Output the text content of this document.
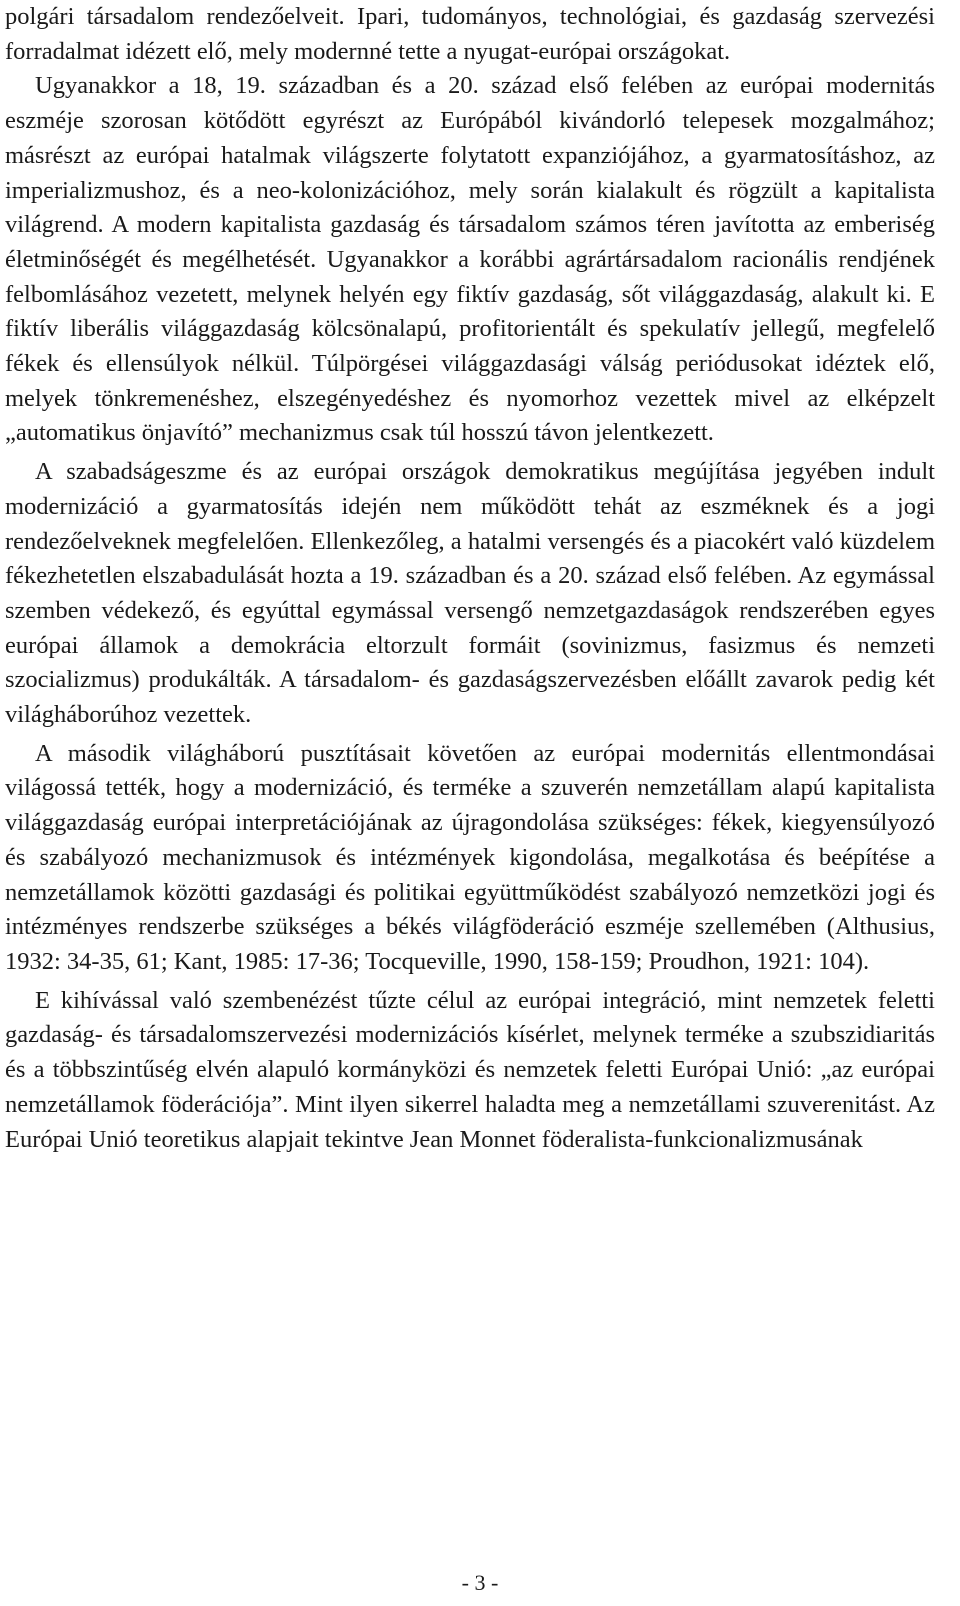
polgári társadalom rendezőelveit. Ipari, tudományos, technológiai, és gazdaság szervezési forradalmat idézett elő, mely modernné tette a nyugat-európai országokat.

Ugyanakkor a 18, 19. században és a 20. század első felében az európai modernitás eszméje szorosan kötődött egyrészt az Európából kivándorló telepesek mozgalmához; másrészt az európai hatalmak világszerte folytatott expanziójához, a gyarmatosításhoz, az imperializmushoz, és a neo-kolonizációhoz, mely során kialakult és rögzült a kapitalista világrend. A modern kapitalista gazdaság és társadalom számos téren javította az emberiség életminőségét és megélhetését. Ugyanakkor a korábbi agrártársadalom racionális rendjének felbomlásához vezetett, melynek helyén egy fiktív gazdaság, sőt világgazdaság, alakult ki. E fiktív liberális világgazdaság kölcsönalapú, profitorientált és spekulatív jellegű, megfelelő fékek és ellensúlyok nélkül. Túlpörgései világgazdasági válság periódusokat idéztek elő, melyek tönkremenéshez, elszegényedéshez és nyomorhoz vezettek mivel az elképzelt „automatikus önjavító” mechanizmus csak túl hosszú távon jelentkezett.

A szabadságeszme és az európai országok demokratikus megújítása jegyében indult modernizáció a gyarmatosítás idején nem működött tehát az eszméknek és a jogi rendezőelveknek megfelelően. Ellenkezőleg, a hatalmi versengés és a piacokért való küzdelem fékezhetetlen elszabadulását hozta a 19. században és a 20. század első felében. Az egymással szemben védekező, és egyúttal egymással versengő nemzetgazdaságok rendszerében egyes európai államok a demokrácia eltorzult formáit (sovinizmus, fasizmus és nemzeti szocializmus) produkálták. A társadalom- és gazdaságszervezésben előállt zavarok pedig két világháborúhoz vezettek.

A második világháború pusztításait követően az európai modernitás ellentmondásai világossá tették, hogy a modernizáció, és terméke a szuverén nemzetállam alapú kapitalista világgazdaság európai interpretációjának az újragondolása szükséges: fékek, kiegyensúlyozó és szabályozó mechanizmusok és intézmények kigondolása, megalkotása és beépítése a nemzetállamok közötti gazdasági és politikai együttműködést szabályozó nemzetközi jogi és intézményes rendszerbe szükséges a békés világföderáció eszméje szellemében (Althusius, 1932: 34-35, 61; Kant, 1985: 17-36; Tocqueville, 1990, 158-159; Proudhon, 1921: 104).

E kihívással való szembenézést tűzte célul az európai integráció, mint nemzetek feletti gazdaság- és társadalomszervezési modernizációs kísérlet, melynek terméke a szubszidiaritás és a többszintűség elvén alapuló kormányközi és nemzetek feletti Európai Unió: „az európai nemzetállamok föderációja”. Mint ilyen sikerrel haladta meg a nemzetállami szuverenitást. Az Európai Unió teoretikus alapjait tekintve Jean Monnet föderalista-funkcionalizmusának

- 3 -
